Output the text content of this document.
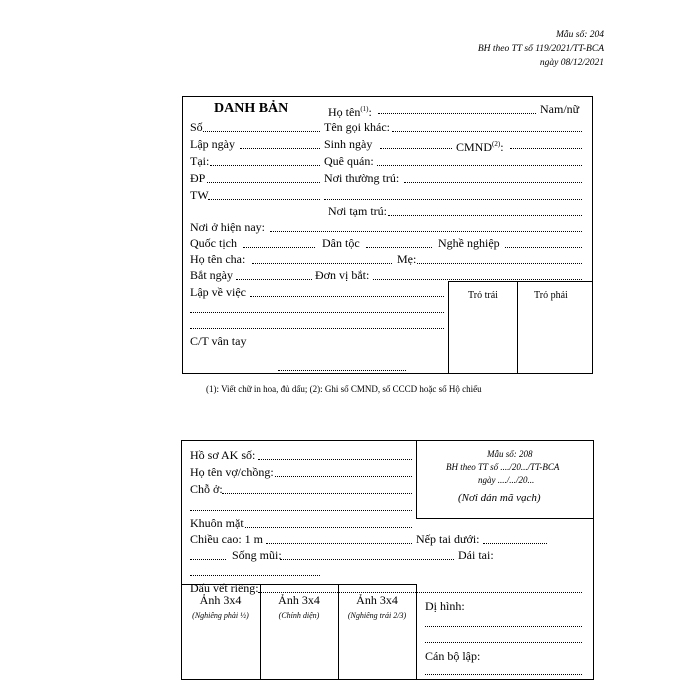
Mẫu số: 204
BH theo TT số 119/2021/TT-BCA
ngày 08/12/2021
DANH BẢN	Họ tên$^{(1)}$:	Nam/nữ
Số	Tên gọi khác:
Lập ngày	Sinh ngày	CMND$^{(2)}$:
Tại:	Quê quán:
ĐP	Nơi thường trú:
TW
Nơi tạm trú:
Nơi ở hiện nay:
Quốc tịch	Dân tộc	Nghề nghiệp
Họ tên cha:	Mẹ:
Bắt ngày	Đơn vị bắt:
Trỏ trái	Trỏ phải
Lập về việc
C/T vân tay
(1): Viết chữ in hoa, đủ dấu; (2): Ghi số CMND, số CCCD hoặc số Hộ chiếu
Mẫu số: 208
BH theo TT số ..../20.../TT-BCA
ngày ..../.../20...
(Nơi dán mã vạch)
Hồ sơ AK số:
Họ tên vợ/chồng:
Chỗ ở:
Khuôn mặt
Chiều cao: 1 m	Nếp tai dưới:
Sống mũi:	Dái tai:
Dấu vết riêng:
Ảnh 3x4
(Nghiêng phải ½)
Ảnh 3x4
(Chính diện)
Ảnh 3x4
(Nghiêng trái 2/3)
Dị hình:
Cán bộ lập:
